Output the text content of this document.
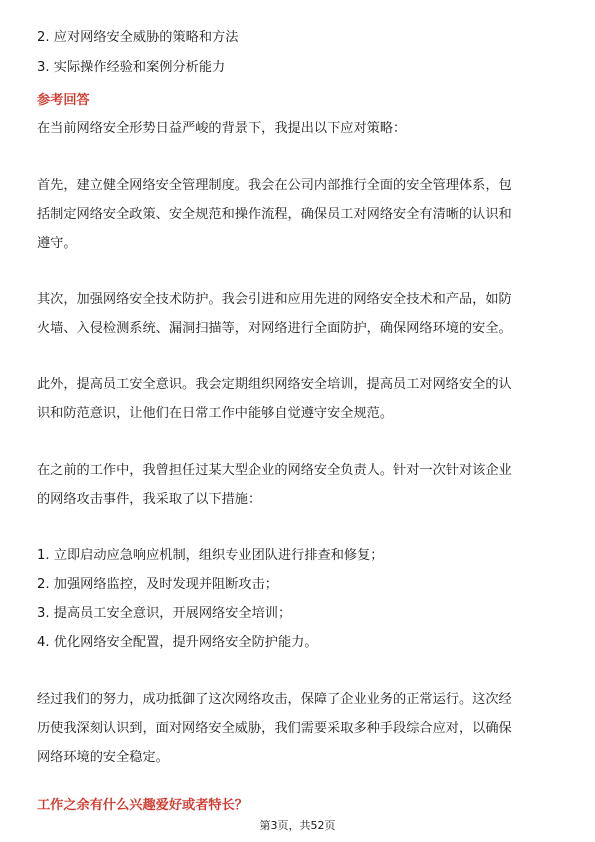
2. 应对网络安全威胁的策略和方法
3. 实际操作经验和案例分析能力
参考回答
在当前网络安全形势日益严峻的背景下，我提出以下应对策略：
首先，建立健全网络安全管理制度。我会在公司内部推行全面的安全管理体系，包
括制定网络安全政策、安全规范和操作流程，确保员工对网络安全有清晰的认识和
遵守。
其次，加强网络安全技术防护。我会引进和应用先进的网络安全技术和产品，如防
火墙、入侵检测系统、漏洞扫描等，对网络进行全面防护，确保网络环境的安全。
此外，提高员工安全意识。我会定期组织网络安全培训，提高员工对网络安全的认
识和防范意识，让他们在日常工作中能够自觉遵守安全规范。
在之前的工作中，我曾担任过某大型企业的网络安全负责人。针对一次针对该企业
的网络攻击事件，我采取了以下措施：
1. 立即启动应急响应机制，组织专业团队进行排查和修复；
2. 加强网络监控，及时发现并阻断攻击；
3. 提高员工安全意识，开展网络安全培训；
4. 优化网络安全配置，提升网络安全防护能力。
经过我们的努力，成功抵御了这次网络攻击，保障了企业业务的正常运行。这次经
历使我深刻认识到，面对网络安全威胁，我们需要采取多种手段综合应对，以确保
网络环境的安全稳定。
工作之余有什么兴趣爱好或者特长？
第3页，共52页
